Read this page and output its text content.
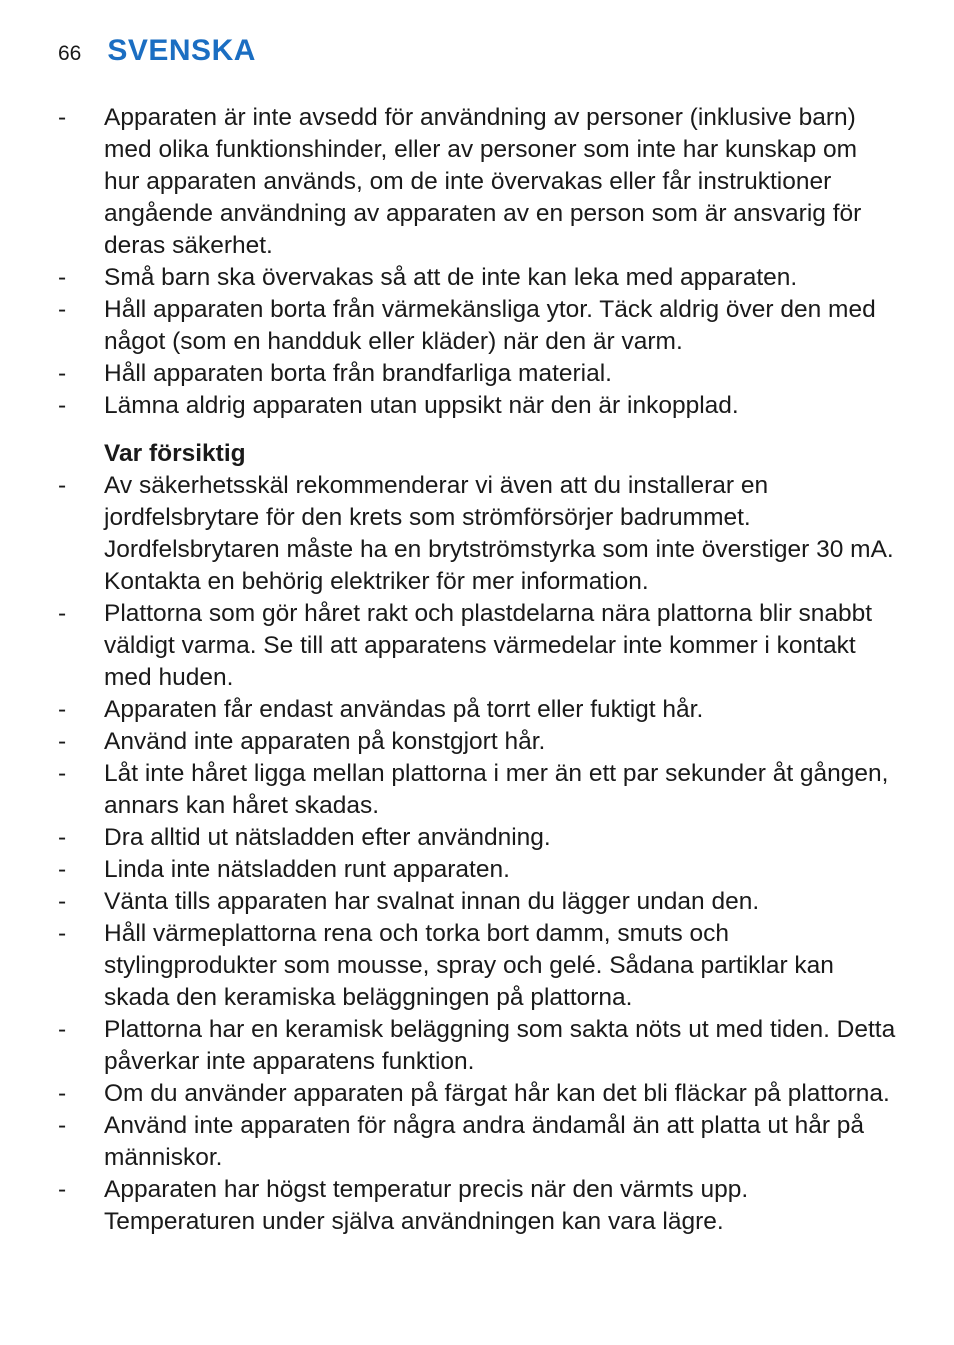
66 SVENSKA
-	Apparaten är inte avsedd för användning av personer (inklusive barn) med olika funktionshinder, eller av personer som inte har kunskap om hur apparaten används, om de inte övervakas eller får instruktioner angående användning av apparaten av en person som är ansvarig för deras säkerhet.

-	Små barn ska övervakas så att de inte kan leka med apparaten.

-	Håll apparaten borta från värmekänsliga ytor. Täck aldrig över den med något (som en handduk eller kläder) när den är varm.

-	Håll apparaten borta från brandfarliga material.

-	Lämna aldrig apparaten utan uppsikt när den är inkopplad.

Var försiktig
-	Av säkerhetsskäl rekommenderar vi även att du installerar en jordfelsbrytare för den krets som strömförsörjer badrummet. Jordfelsbrytaren måste ha en brytströmstyrka som inte överstiger 30 mA. Kontakta en behörig elektriker för mer information.

-	Plattorna som gör håret rakt och plastdelarna nära plattorna blir snabbt väldigt varma. Se till att apparatens värmedelar inte kommer i kontakt med huden.

-	Apparaten får endast användas på torrt eller fuktigt hår.

-	Använd inte apparaten på konstgjort hår.

-	Låt inte håret ligga mellan plattorna i mer än ett par sekunder åt gången, annars kan håret skadas.

-	Dra alltid ut nätsladden efter användning.

-	Linda inte nätsladden runt apparaten.

-	Vänta tills apparaten har svalnat innan du lägger undan den.

-	Håll värmeplattorna rena och torka bort damm, smuts och stylingprodukter som mousse, spray och gelé. Sådana partiklar kan skada den keramiska beläggningen på plattorna.

-	Plattorna har en keramisk beläggning som sakta nöts ut med tiden. Detta påverkar inte apparatens funktion.

-	Om du använder apparaten på färgat hår kan det bli fläckar på plattorna.

-	Använd inte apparaten för några andra ändamål än att platta ut hår på människor.

-	Apparaten har högst temperatur precis när den värmts upp. Temperaturen under själva användningen kan vara lägre.
